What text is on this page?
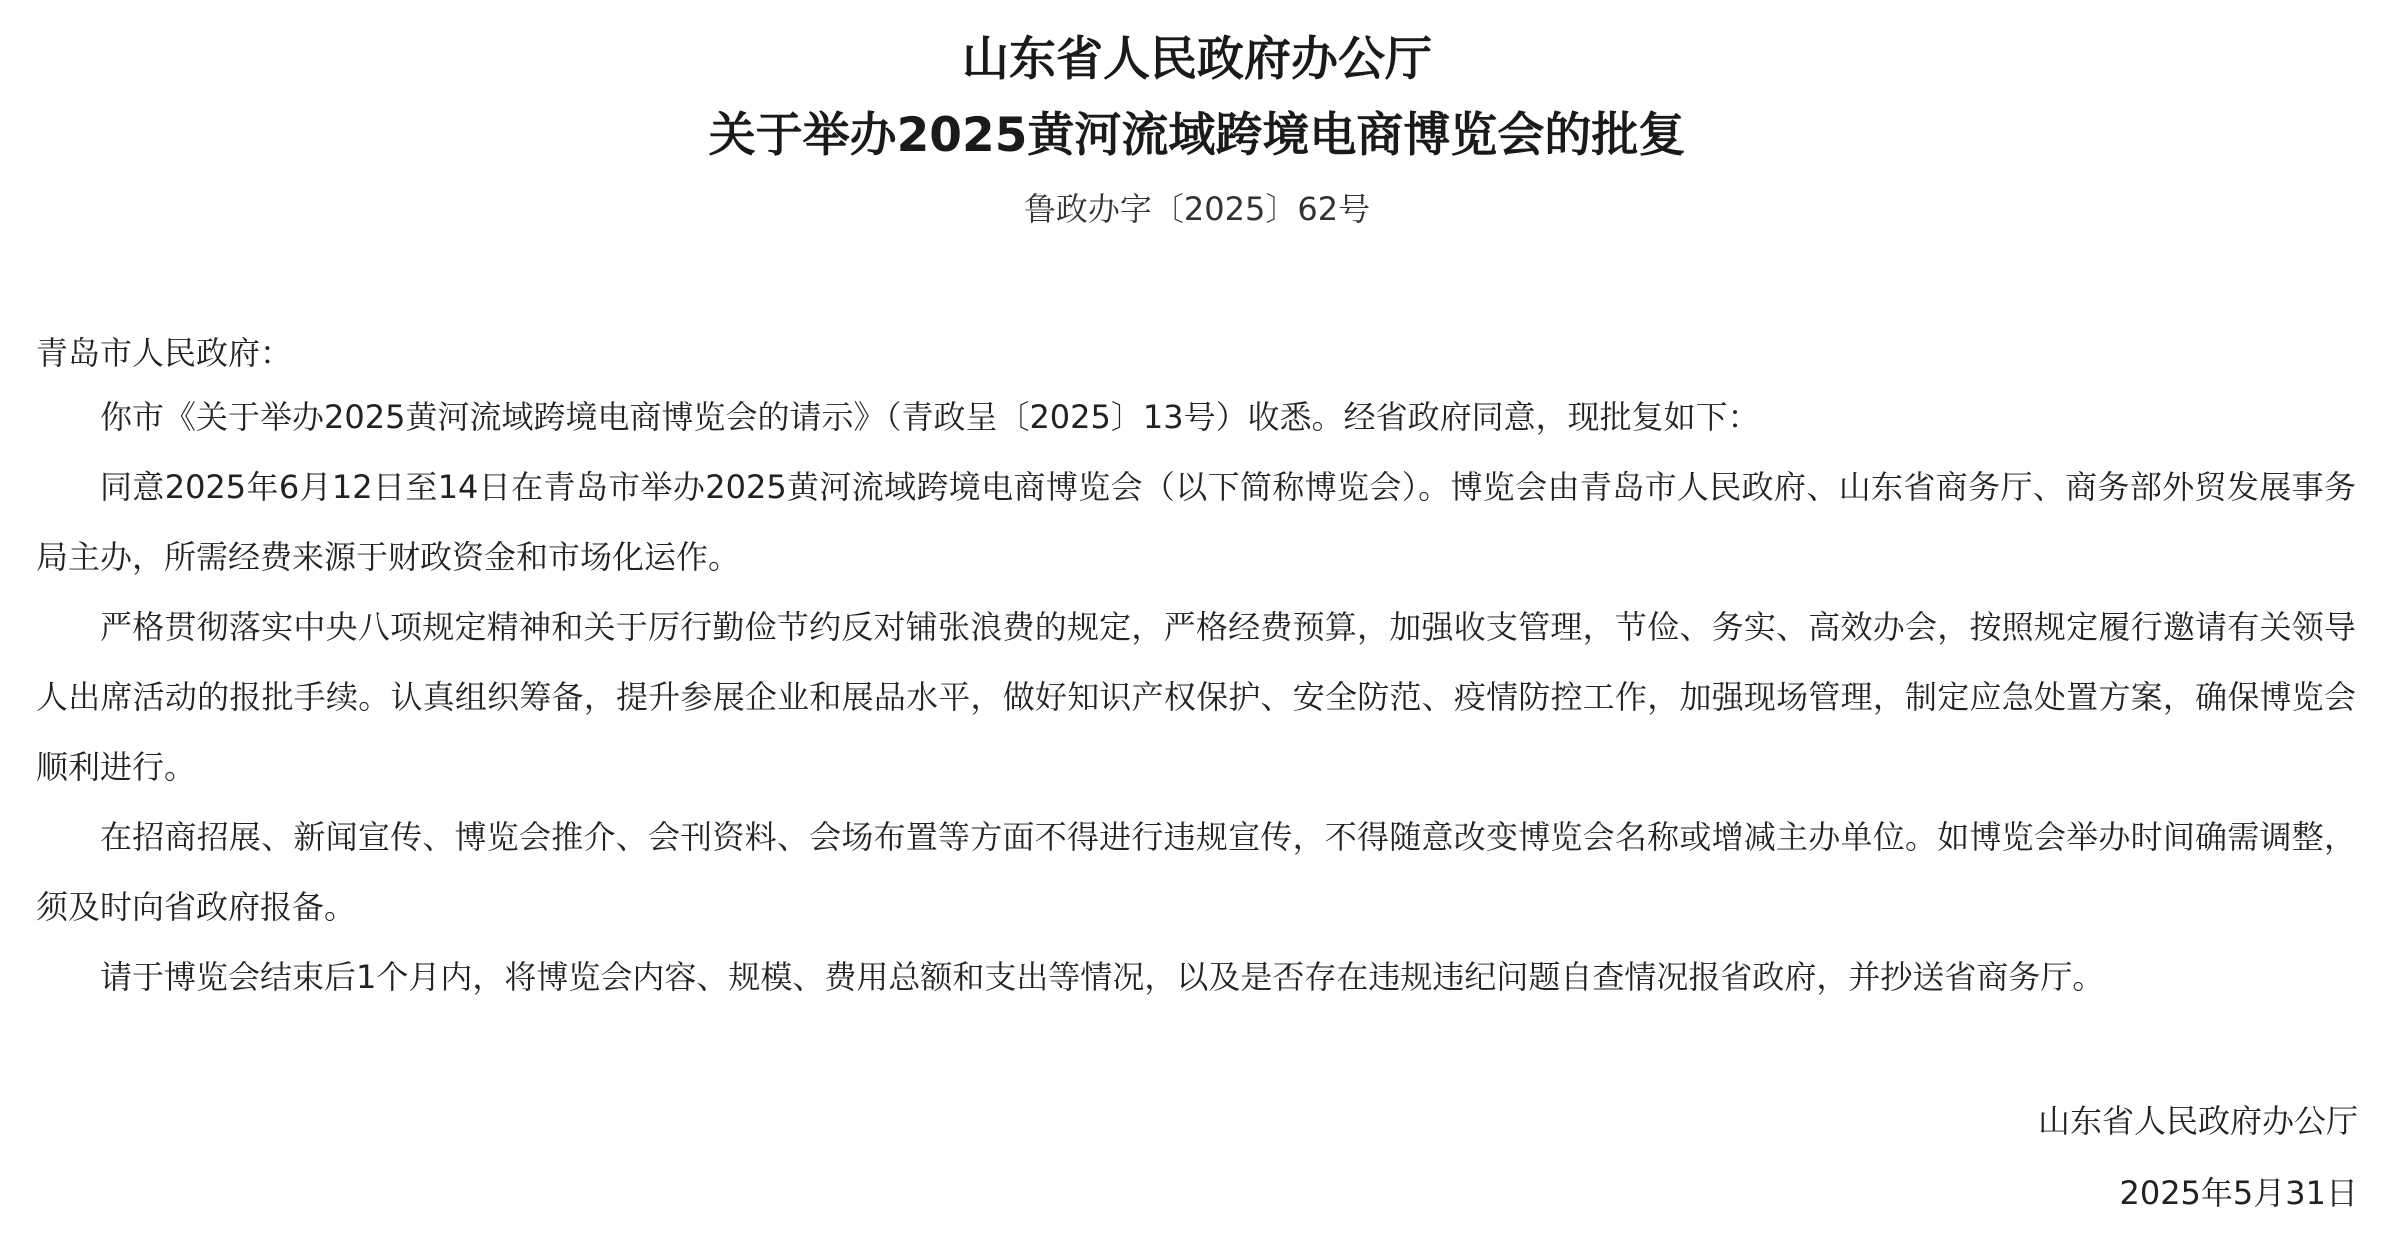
山东省人民政府办公厅
关于举办2025黄河流域跨境电商博览会的批复
鲁政办字〔2025〕62号
青岛市人民政府：

你市《关于举办2025黄河流域跨境电商博览会的请示》（青政呈〔2025〕13号）收悉。经省政府同意，现批复如下：

同意2025年6月12日至14日在青岛市举办2025黄河流域跨境电商博览会（以下简称博览会）。博览会由青岛市人民政府、山东省商务厅、商务部外贸发展事务局主办，所需经费来源于财政资金和市场化运作。

严格贯彻落实中央八项规定精神和关于厉行勤俭节约反对铺张浪费的规定，严格经费预算，加强收支管理，节俭、务实、高效办会，按照规定履行邀请有关领导人出席活动的报批手续。认真组织筹备，提升参展企业和展品水平，做好知识产权保护、安全防范、疫情防控工作，加强现场管理，制定应急处置方案，确保博览会顺利进行。

在招商招展、新闻宣传、博览会推介、会刊资料、会场布置等方面不得进行违规宣传，不得随意改变博览会名称或增减主办单位。如博览会举办时间确需调整，须及时向省政府报备。

请于博览会结束后1个月内，将博览会内容、规模、费用总额和支出等情况，以及是否存在违规违纪问题自查情况报省政府，并抄送省商务厅。

山东省人民政府办公厅
2025年5月31日
